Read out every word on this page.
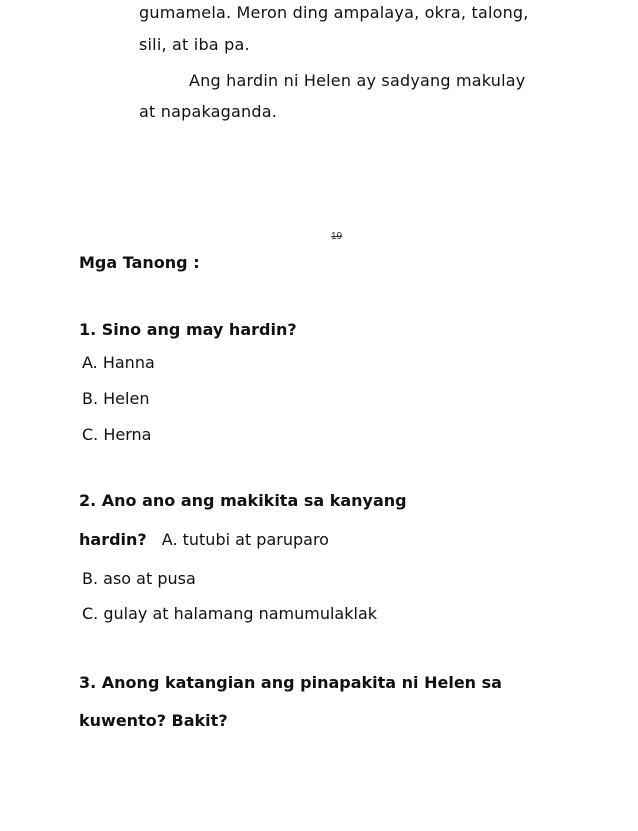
gumamela. Meron ding ampalaya, okra, talong,
sili, at iba pa.
Ang hardin ni Helen ay sadyang makulay
at napakaganda.
19
Mga Tanong :
1. Sino ang may hardin?
A. Hanna
B. Helen
C. Herna
2. Ano ano ang makikita sa kanyang
hardin? A. tutubi at paruparo
B. aso at pusa
C. gulay at halamang namumulaklak
3. Anong katangian ang pinapakita ni Helen sa
kuwento? Bakit?
